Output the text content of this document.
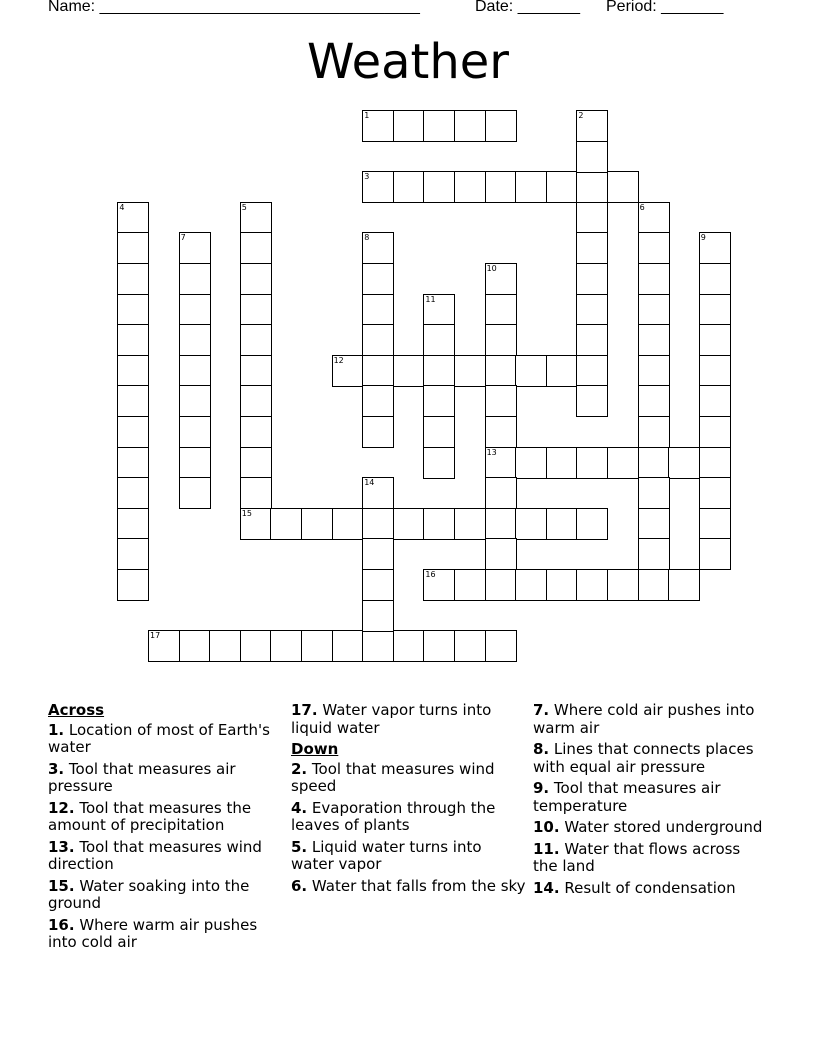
Name: ____________________________________	Date: _______ Period: _______
Weather
1
3
12
13
15
16
17
2
4	5	6
7	8	9
10
11
14
Across
1. Location of most of Earth's water
3. Tool that measures air pressure
12. Tool that measures the amount of precipitation
13. Tool that measures wind direction
15. Water soaking into the ground
16. Where warm air pushes into cold air
17. Water vapor turns into liquid water
Down
2. Tool that measures wind speed
4. Evaporation through the leaves of plants
5. Liquid water turns into water vapor
6. Water that falls from the sky
7. Where cold air pushes into warm air
8. Lines that connects places with equal air pressure
9. Tool that measures air temperature
10. Water stored underground
11. Water that flows across the land
14. Result of condensation
